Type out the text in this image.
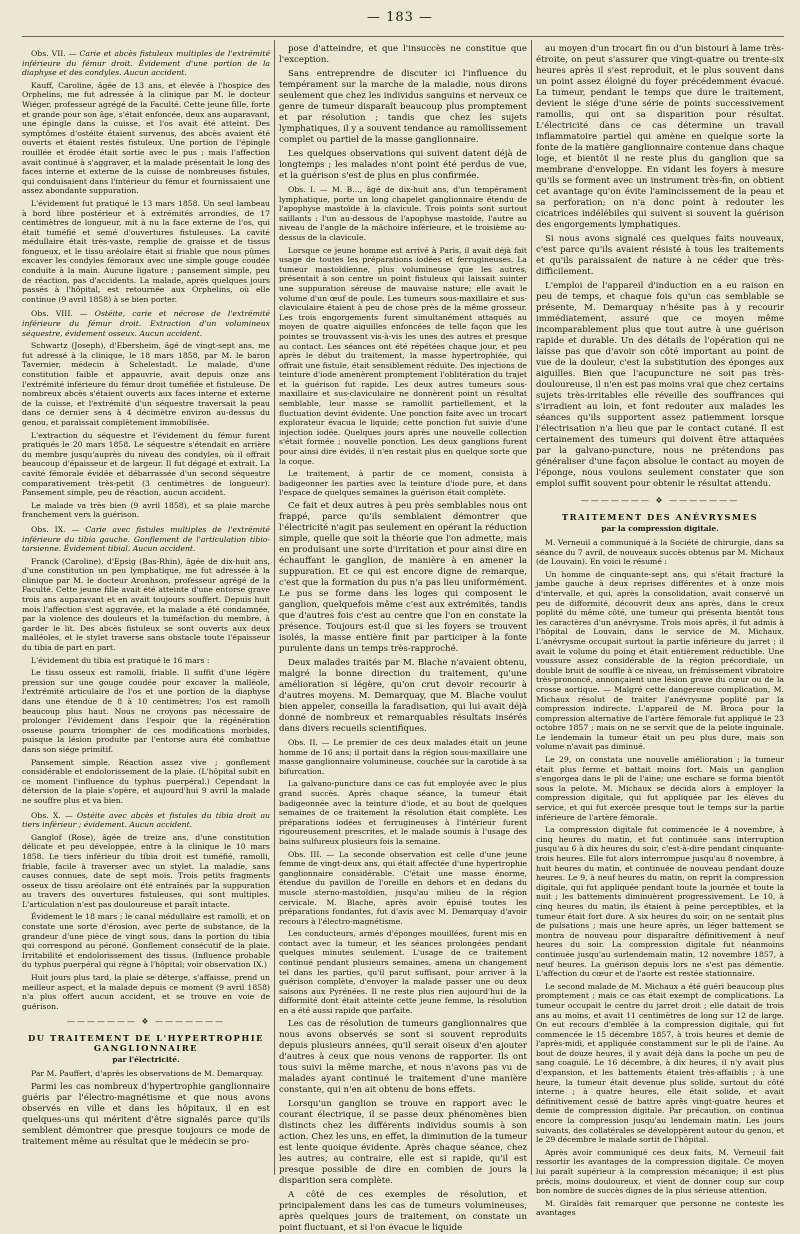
— 183 —
Obs. VII. — Carie et abcès fistuleux multiples de l'extrémité inférieure du fémur droit. Évidement d'une portion de la diaphyse et des condyles. Aucun accident.

Kauff, Caroline, âgée de 13 ans, et élevée à l'hospice des Orphelins, me fut adressée à la clinique par M. le docteur Wiéger, professeur agrégé de la Faculté. Cette jeune fille, forte et grande pour son âge, s'était enfoncée, deux ans auparavant, une épingle dans la cuisse, et l'os avait été atteint. Des symptômes d'ostéite étaient survenus, des abcès avaient été ouverts et étaient restés fistuleux. Une portion de l'épingle rouillée et érodée était sortie avec le pus ; mais l'affection avait continué à s'aggraver, et la malade présentait le long des faces interne et externe de la cuisse de nombreuses fistules, qui conduisaient dans l'intérieur du fémur et fournissaient une assez abondante suppuration.

L'évidement fut pratiqué le 13 mars 1858. Un seul lambeau à bord libre postérieur et à extrémités arrondies, de 17 centimètres de longueur, mit à nu la face externe de l'os, qui était tuméfié et semé d'ouvertures fistuleuses. La cavité médullaire était très-vaste, remplie de graisse et de tissus fongueux, et le tissu aréolaire était si friable que nous pûmes excaver les condyles fémoraux avec une simple gouge coudée conduite à la main. Aucune ligature ; pansement simple, peu de réaction, pas d'accidents. La malade, après quelques jours passés à l'hôpital, est retournée aux Orphelins, où elle continue (9 avril 1858) à se bien porter.

Obs. VIII. — Ostéite, carie et nécrose de l'extrémité inférieure du fémur droit. Extraction d'un volumineux séquestre, évidement osseux. Aucun accident.

Schwartz (Joseph), d'Ebersheim, âgé de vingt-sept ans, me fut adressé à la clinique, le 18 mars 1858, par M. le baron Tavernier, médecin à Schelestadt. Le malade, d'une constitution faible et appauvrie, avait depuis onze ans l'extrémité inférieure du fémur droit tuméfiée et fistuleuse. De nombreux abcès s'étaient ouverts aux faces interne et externe de la cuisse, et l'extrémité d'un séquestre traversait la peau dans ce dernier sens à 4 décimètre environ au-dessus du genou, et paraissait complètement immobilisée.

L'extraction du séquestre et l'évidement du fémur furent pratiqués le 20 mars 1858. Le séquestre s'étendait en arrière du membre jusqu'auprès du niveau des condyles, où il offrait beaucoup d'épaisseur et de largeur. Il fut dégagé et extrait. La cavité fémorale évidée et débarrassée d'un second séquestre comparativement très-petit (3 centimètres de longueur). Pansement simple, peu de réaction, aucun accident.

Le malade va très bien (9 avril 1858), et sa plaie marche franchement vers la guérison.

Obs. IX. — Carie avec fistules multiples de l'extrémité inférieure du tibia gauche. Gonflement de l'articulation tibio-tarsienne. Évidement tibial. Aucun accident.

Franck (Caroline), d'Epsig (Bas-Rhin), âgée de dix-huit ans, d'une constitution un peu lymphatique, me fut adressée à la clinique par M. le docteur Aronhson, professeur agrégé de la Faculté. Cette jeune fille avait été atteinte d'une entorse grave trois ans auparavant et en avait toujours souffert. Depuis huit mois l'affection s'est aggravée, et la malade a été condamnée, par la violence des douleurs et la tuméfaction du membre, à garder le lit. Des abcès fistuleux se sont ouverts aux deux malléoles, et le stylet traverse sans obstacle toute l'épaisseur du tibia de part en part.

L'évidement du tibia est pratiqué le 16 mars :

Le tissu osseux est ramolli, friable. Il suffit d'une légère pression sur une gouge coudée pour excaver la malléole, l'extrémité articulaire de l'os et une portion de la diaphyse dans une étendue de 8 à 10 centimètres; l'os est ramolli beaucoup plus haut. Nous ne croyons pas nécessaire de prolonger l'évidement dans l'espoir que la régénération osseuse pourra triompher de ces modifications morbides, puisque la lésion produite par l'entorse aura été combattue dans son siége primitif.

Pansement simple. Réaction assez vive ; gonflement considérable et endolorissement de la plaie. (L'hôpital subit en ce moment l'influence du typhus puerpéral.) Cependant la détersion de la plaie s'opère, et aujourd'hui 9 avril la malade ne souffre plus et va bien.

Obs. X. — Ostéite avec abcès et fistules du tibia droit au tiers inférieur ; évidement. Aucun accident.

Ganglof (Rose), âgée de treize ans, d'une constitution délicate et peu développée, entre à la clinique le 10 mars 1858. Le tiers inférieur du tibia droit est tuméfié, ramolli, friable, facile à traverser avec un stylet. La maladie, sans causes connues, date de sept mois. Trois petits fragments osseux de tissu aréolaire ont été entraînés par la suppuration au travers des ouvertures fistuleuses, qui sont multiples. L'articulation n'est pas douloureuse et paraît intacte.

Évidement le 18 mars ; le canal médullaire est ramolli, et on constate une sorte d'érosion, avec perte de substance, de la grandeur d'une pièce de vingt sous, dans la portion du tibia qui correspond au péroné. Gonflement consécutif de la plaie. Irritabilité et endolorissement des tissus. (Influence probable du typhus puerpéral qui règne à l'hôpital; voir observation IX.)

Huit jours plus tard, la plaie se déterge, s'affaisse, prend un meilleur aspect, et la malade depuis ce moment (9 avril 1858) n'a plus offert aucun accident, et se trouve en voie de guérison.

——————— ❖ ———————
DU TRAITEMENT DE L'HYPERTROPHIE GANGLIONNAIRE
par l'électricité.

Par M. Pauffert, d'après les observations de M. Demarquay.

Parmi les cas nombreux d'hypertrophie ganglionnaire guéris par l'électro-magnétisme et que nous avons observés en ville et dans les hôpitaux, il en est quelques-uns qui méritent d'être signalés parce qu'ils semblent démontrer que presque toujours ce mode de traitement même au résultat que le médecin se pro-

pose d'atteindre, et que l'insuccès ne constitue que l'exception.

Sans entreprendre de discuter ici l'influence du tempérament sur la marche de la maladie, nous dirons seulement que chez les individus sanguins et nerveux ce genre de tumeur disparaît beaucoup plus promptement et par résolution ; tandis que chez les sujets lymphatiques, il y a souvent tendance au ramollissement complet ou partiel de la masse ganglionnaire.

Les quelques observations qui suivent datent déjà de longtemps ; les malades n'ont point été perdus de vue, et la guérison s'est de plus en plus confirmée.

Obs. I. — M. B..., âgé de dix-huit ans, d'un tempérament lymphatique, porte un long chapelet ganglionnaire étendu de l'apophyse mastoïde à la clavicule. Trois points sont surtout saillants : l'un au-dessous de l'apophyse mastoïde, l'autre au niveau de l'angle de la mâchoire inférieure, et le troisième au-dessus de la clavicule.

Lorsque ce jeune homme est arrivé à Paris, il avait déjà fait usage de toutes les préparations iodées et ferrugineuses. La tumeur mastoïdienne, plus volumineuse que les autres, présentait à son centre un point fistuleux qui laissait suinter une suppuration séreuse de mauvaise nature; elle avait le volume d'un œuf de poule. Les tumeurs sous-maxillaire et sus-claviculaire étaient à peu de chose près de la même grosseur. Les trois engorgements furent simultanément attaqués au moyen de quatre aiguilles enfoncées de telle façon que les pointes se trouvassent vis-à-vis les unes des autres et presque au contact. Les séances ont été répétées chaque jour, et peu après le début du traitement, la masse hypertrophiée, qui offrait une fistule, était sensiblement réduite. Des injections de teinture d'iode amenèrent promptement l'oblitération du trajet et la guérison fut rapide. Les deux autres tumeurs sous-maxillaire et sus-claviculaire ne donnèrent point un résultat semblable, leur masse se ramollit partiellement, et la fluctuation devint évidente. Une ponction faite avec un trocart explorateur évacua le liquide; cette ponction fut suivie d'une injection iodée. Quelques jours après une nouvelle collection s'était formée ; nouvelle ponction. Les deux ganglions furent pour ainsi dire évidés, il n'en restait plus en quelque sorte que la coque.

Le traitement, à partir de ce moment, consista à badigeonner les parties avec la teinture d'iode pure, et dans l'espace de quelques semaines la guérison était complète.

Ce fait et deux autres à peu près semblables nous ont frappé, parce qu'ils semblaient démontrer que l'électricité n'agit pas seulement en opérant la réduction simple, quelle que soit la théorie que l'on admette, mais en produisant une sorte d'irritation et pour ainsi dire en échauffant le ganglion, de manière à en amener la suppuration. Et ce qui est encore digne de remarque, c'est que la formation du pus n'a pas lieu uniformément. Le pus se forme dans les loges qui composent le ganglion, quelquefois même c'est aux extrémités, tandis que d'autres fois c'est au centre que l'on en constate la présence. Toujours est-il que si les foyers se trouvent isolés, la masse entière finit par participer à la fonte purulente dans un temps très-rapproché.

Deux malades traités par M. Blache n'avaient obtenu, malgré la bonne direction du traitement, qu'une amélioration si légère, qu'on crut devoir recourir à d'autres moyens. M. Demarquay, que M. Blache voulut bien appeler, conseilla la faradisation, qui lui avait déjà donné de nombreux et remarquables résultats insérés dans divers recueils scientifiques.

Obs. II. — Le premier de ces deux malades était un jeune homme de 16 ans; il portait dans la région sous-maxillaire une masse ganglionnaire volumineuse, couchée sur la carotide à sa bifurcation.

La galvano-puncture dans ce cas fut employée avec le plus grand succès. Après chaque séance, la tumeur était badigeonnée avec la teinture d'iode, et au bout de quelques semaines de ce traitement la résolution était complète. Les préparations iodées et ferrugineuses à l'intérieur furent rigoureusement prescrites, et le malade soumis à l'usage des bains sulfureux plusieurs fois la semaine.

Obs. III. — La seconde observation est celle d'une jeune femme de vingt-deux ans, qui était affectée d'une hypertrophie ganglionnaire considérable. C'était une masse énorme, étendue du pavillon de l'oreille en dehors et en dedans du muscle sterno-mastoïdien, jusqu'au milieu de la région cervicale. M. Blache, après avoir épuisé toutes les préparations fondantes, fut d'avis avec M. Demarquay d'avoir recours à l'électro-magnétisme.

Les conducteurs, armés d'éponges mouillées, furent mis en contact avec la tumeur, et les séances prolongées pendant quelques minutes seulement. L'usage de ce traitement continué pendant plusieurs semaines, amena un changement tel dans les parties, qu'il parut suffisant, pour arriver à la guérison complète, d'envoyer la malade passer une ou deux saisons aux Pyrénées. Il ne reste plus rien aujourd'hui de la difformité dont était atteinte cette jeune femme, la résolution en a été aussi rapide que parfaite.

Les cas de résolution de tumeurs ganglionnaires que nous avons observés se sont si souvent reproduits depuis plusieurs années, qu'il serait oiseux d'en ajouter d'autres à ceux que nous venons de rapporter. Ils ont tous suivi la même marche, et nous n'avons pas vu de malades ayant continué le traitement d'une manière constante, qui n'en ait obtenu de bons effets.

Lorsqu'un ganglion se trouve en rapport avec le courant électrique, il se passe deux phénomènes bien distincts chez les différents individus soumis à son action. Chez les uns, en effet, la diminution de la tumeur est lente quoique évidente. Après chaque séance, chez les autres, au contraire, elle est si rapide, qu'il est presque possible de dire en combien de jours la disparition sera complète.

A côté de ces exemples de résolution, et principalement dans les cas de tumeurs volumineuses, après quelques jours de traitement, on constate un point fluctuant, et si l'on évacue le liquide

au moyen d'un trocart fin ou d'un bistouri à lame très-étroite, on peut s'assurer que vingt-quatre ou trente-six heures après il s'est reproduit, et le plus souvent dans un point assez éloigné du foyer précédemment évacué. La tumeur, pendant le temps que dure le traitement, devient le siége d'une série de points successivement ramollis, qui ont sa disparition pour résultat. L'électricité dans ce cas détermine un travail inflammatoire partiel qui amène en quelque sorte la fonte de la matière ganglionnaire contenue dans chaque loge, et bientôt il ne reste plus du ganglion que sa membrane d'enveloppe. En vidant les foyers à mesure qu'ils se forment avec un instrument très-fin, on obtient cet avantage qu'on évite l'amincissement de la peau et sa perforation; on n'a donc point à redouter les cicatrices indélébiles qui suivent si souvent la guérison des engorgements lymphatiques.

Si nous avons signalé ces quelques faits nouveaux, c'est parce qu'ils avaient résisté à tous les traitements et qu'ils paraissaient de nature à ne céder que très-difficilement.

L'emploi de l'appareil d'induction en a eu raison en peu de temps, et chaque fois qu'un cas semblable se présente, M. Demarquay n'hésite pas à y recourir immédiatement, assuré que ce moyen même incomparablement plus que tout autre à une guérison rapide et durable. Un des détails de l'opération qui ne laisse pas que d'avoir son côté important au point de vue de la douleur, c'est la substitution des éponges aux aiguilles. Bien que l'acupuncture ne soit pas très-douloureuse, il n'en est pas moins vrai que chez certains sujets très-irritables elle réveille des souffrances qui s'irradient au loin, et font redouter aux malades les séances qu'ils supportent assez patiemment lorsque l'électrisation n'a lieu que par le contact cutané. Il est certainement des tumeurs qui doivent être attaquées par la galvano-puncture, nous ne prétendons pas généraliser d'une façon absolue le contact au moyen de l'éponge, nous voulons seulement constater que son emploi suffit souvent pour obtenir le résultat attendu.

——————— ❖ ———————
TRAITEMENT DES ANÉVRYSMES
par la compression digitale.

M. Verneuil a communiqué à la Société de chirurgie, dans sa séance du 7 avril, de nouveaux succès obtenus par M. Michaux (de Louvain). En voici le résumé :

Un homme de cinquante-sept ans, qui s'était fracturé la jambe gauche à deux reprises différentes et à onze mois d'intervalle, et qui, après la consolidation, avait conservé un peu de difformité, découvrit deux ans après, dans le creux poplité du même côté, une tumeur qui présenta bientôt tous les caractères d'un anévrysme. Trois mois après, il fut admis à l'hôpital de Louvain, dans le service de M. Michaux. L'anévrysme occupait surtout la partie inférieure du jarret ; il avait le volume du poing et était entièrement réductible. Une voussure assez considérable de la région précordiale, un double bruit de souffle à ce niveau, un frémissement vibratoire très-prononcé, annonçaient une lésion grave du cœur ou de la crosse aortique. — Malgré cette dangereuse complication, M. Michaux résolut de traiter l'anévrysme poplité par la compression indirecte. L'appareil de M. Broca pour la compression alternative de l'artère fémorale fut appliqué le 23 octobre 1857 ; mais on ne se servit que de la pelote inguinale. Le lendemain la tumeur était un peu plus dure, mais son volume n'avait pas diminué.

Le 29, on constata une nouvelle amélioration ; la tumeur était plus ferme et battait moins fort. Mais un ganglion s'engorgea dans le pli de l'aine; une eschare se forma bientôt sous la pelote. M. Michaux se décida alors à employer la compression digitale, qui fut appliquée par les élèves du service, et qui fut exercée presque tout le temps sur la partie inférieure de l'artère fémorale.

La compression digitale fut commencée le 4 novembre, à cinq heures du matin, et fut continuée sans interruption jusqu'au 6 à dix heures du soir, c'est-à-dire pendant cinquante-trois heures. Elle fut alors interrompue jusqu'au 8 novembre, à huit heures du matin, et continuée de nouveau pendant douze heures. Le 9, à neuf heures du matin, on reprit la compression digitale, qui fut appliquée pendant toute la journée et toute la nuit ; les battements diminuèrent progressivement. Le 10, à cinq heures du matin, ils étaient à peine perceptibles, et la tumeur était fort dure. A six heures du soir, on ne sentait plus de pulsations ; mais une heure après, un léger battement se montra de nouveau pour disparaître définitivement à neuf heures du soir. La compression digitale fut néanmoins continuée jusqu'au surlendemain matin, 12 novembre 1857, à neuf heures. La guérison depuis lors ne s'est pas démentie. L'affection du cœur et de l'aorte est restée stationnaire.

Le second malade de M. Michaux a été guéri beaucoup plus promptement ; mais ce cas était exempt de complications. La tumeur occupait le centre du jarret droit ; elle datait de trois ans au moins, et avait 11 centimètres de long sur 12 de large. On eut recours d'emblée à la compression digitale, qui fut commencée le 15 décembre 1857, à trois heures et demie de l'après-midi, et appliquée constamment sur le pli de l'aine. Au bout de douze heures, il y avait déjà dans la poche un peu de sang coagulé. Le 16 décembre, à dix heures, il n'y avait plus d'expansion, et les battements étaient très-affaiblis ; à une heure, la tumeur était devenue plus solide, surtout du côté interne ; à quatre heures, elle était solide, et avait définitivement cessé de battre après vingt-quatre heures et demie de compression digitale. Par précaution, on continua encore la compression jusqu'au lendemain matin. Les jours suivants, des collatérales se développèrent autour du genou, et le 29 décembre le malade sortit de l'hôpital.

Après avoir communiqué ces deux faits, M. Verneuil fait ressortir les avantages de la compression digitale. Ce moyen lui paraît supérieur à la compression mécanique; il est plus précis, moins douloureux, et vient de donner coup sur coup bon nombre de succès dignes de la plus sérieuse attention.

M. Giraldès fait remarquer que personne ne conteste les avantages
